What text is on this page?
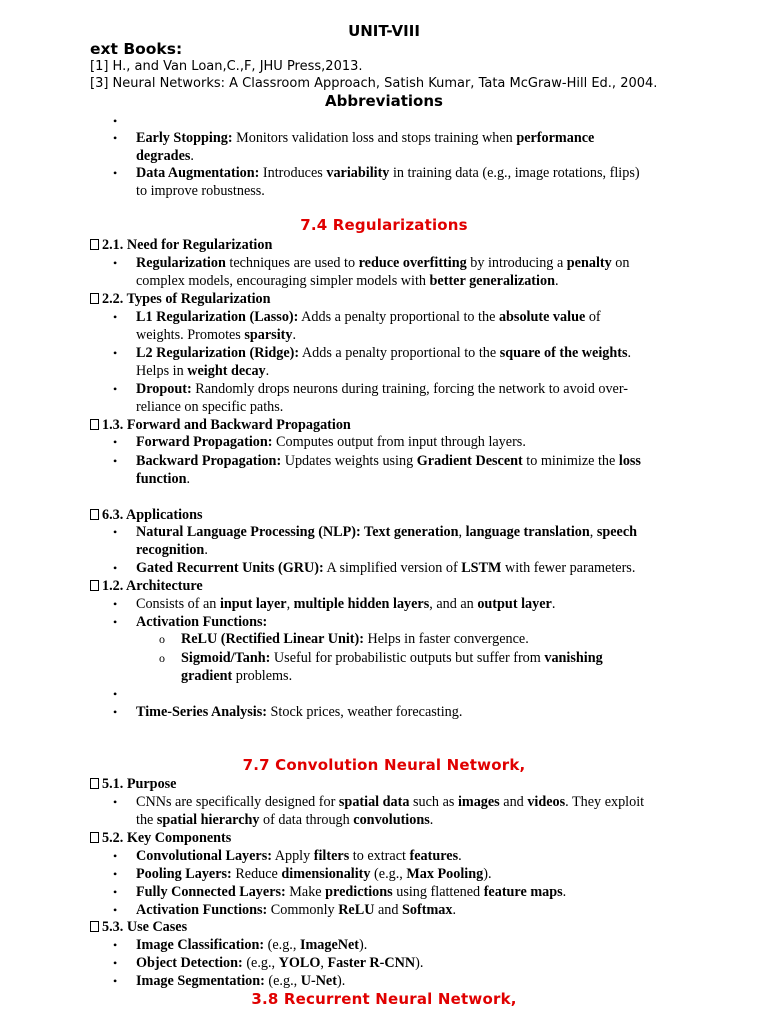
UNIT-VIII
ext Books:
[1] H., and Van Loan,C.,F, JHU Press,2013.
[3] Neural Networks: A Classroom Approach, Satish Kumar, Tata McGraw-Hill Ed., 2004.
Abbreviations
•
• Early Stopping: Monitors validation loss and stops training when performance
degrades.
• Data Augmentation: Introduces variability in training data (e.g., image rotations, flips)
to improve robustness.
7.4 Regularizations
2.1. Need for Regularization
• Regularization techniques are used to reduce overfitting by introducing a penalty on
complex models, encouraging simpler models with better generalization.
2.2. Types of Regularization
• L1 Regularization (Lasso): Adds a penalty proportional to the absolute value of
weights. Promotes sparsity.
• L2 Regularization (Ridge): Adds a penalty proportional to the square of the weights.
Helps in weight decay.
• Dropout: Randomly drops neurons during training, forcing the network to avoid over-
reliance on specific paths.
1.3. Forward and Backward Propagation
• Forward Propagation: Computes output from input through layers.
• Backward Propagation: Updates weights using Gradient Descent to minimize the loss
function.
6.3. Applications
• Natural Language Processing (NLP): Text generation, language translation, speech
recognition.
• Gated Recurrent Units (GRU): A simplified version of LSTM with fewer parameters.
1.2. Architecture
• Consists of an input layer, multiple hidden layers, and an output layer.
• Activation Functions:
o ReLU (Rectified Linear Unit): Helps in faster convergence.
o Sigmoid/Tanh: Useful for probabilistic outputs but suffer from vanishing
gradient problems.
•
• Time-Series Analysis: Stock prices, weather forecasting.
7.7 Convolution Neural Network,
5.1. Purpose
• CNNs are specifically designed for spatial data such as images and videos. They exploit
the spatial hierarchy of data through convolutions.
5.2. Key Components
• Convolutional Layers: Apply filters to extract features.
• Pooling Layers: Reduce dimensionality (e.g., Max Pooling).
• Fully Connected Layers: Make predictions using flattened feature maps.
• Activation Functions: Commonly ReLU and Softmax.
5.3. Use Cases
• Image Classification: (e.g., ImageNet).
• Object Detection: (e.g., YOLO, Faster R-CNN).
• Image Segmentation: (e.g., U-Net).
3.8 Recurrent Neural Network,
